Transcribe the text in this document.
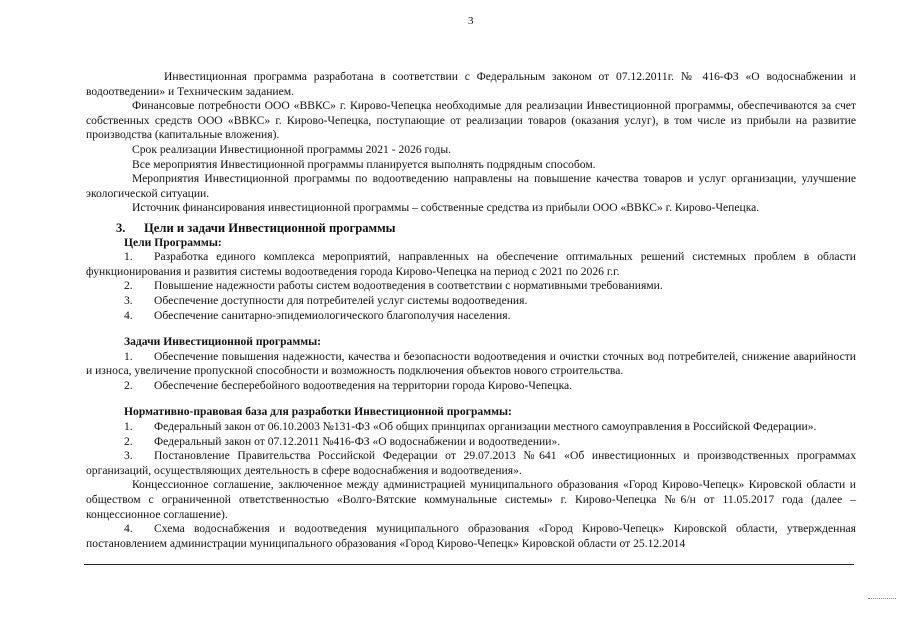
3

Инвестиционная программа разработана в соответствии с Федеральным законом от 07.12.2011г. № 416-ФЗ «О водоснабжении и водоотведении» и Техническим заданием.

Финансовые потребности ООО «ВВКС» г. Кирово-Чепецка необходимые для реализации Инвестиционной программы, обеспечиваются за счет собственных средств ООО «ВВКС» г. Кирово-Чепецка, поступающие от реализации товаров (оказания услуг), в том числе из прибыли на развитие производства (капитальные вложения).

Срок реализации Инвестиционной программы 2021 - 2026 годы.

Все мероприятия Инвестиционной программы планируется выполнять подрядным способом.

Мероприятия Инвестиционной программы по водоотведению направлены на повышение качества товаров и услуг организации, улучшение экологической ситуации.

Источник финансирования инвестиционной программы – собственные средства из прибыли ООО «ВВКС» г. Кирово-Чепецка.

3. Цели и задачи Инвестиционной программы

Цели Программы:

1. Разработка единого комплекса мероприятий, направленных на обеспечение оптимальных решений системных проблем в области функционирования и развития системы водоотведения города Кирово-Чепецка на период с 2021 по 2026 г.г.

2.	Повышение надежности работы систем водоотведения в соответствии с нормативными требованиями.

3.	Обеспечение доступности для потребителей услуг системы водоотведения.

4.	Обеспечение санитарно-эпидемиологического благополучия населения.

Задачи Инвестиционной программы:

1. Обеспечение повышения надежности, качества и безопасности водоотведения и очистки сточных вод потребителей, снижение аварийности и износа, увеличение пропускной способности и возможность подключения объектов нового строительства.

2.	Обеспечение бесперебойного водоотведения на территории города Кирово-Чепецка.

Нормативно-правовая база для разработки Инвестиционной программы:

1. Федеральный закон от 06.10.2003 №131-ФЗ «Об общих принципах организации местного самоуправления в Российской Федерации».

2.	Федеральный закон от 07.12.2011 №416-ФЗ «О водоснабжении и водоотведении».

3. Постановление Правительства Российской Федерации от 29.07.2013 №641 «Об инвестиционных и производственных программах организаций, осуществляющих деятельность в сфере водоснабжения и водоотведения».

Концессионное соглашение, заключенное между администрацией муниципального образования «Город Кирово-Чепецк» Кировской области и обществом с ограниченной ответственностью «Волго-Вятские коммунальные системы» г. Кирово-Чепецка №6/н от 11.05.2017 года (далее – концессионное соглашение).

4. Схема водоснабжения и водоотведения муниципального образования «Город Кирово-Чепецк» Кировской области, утвержденная постановлением администрации муниципального образования «Город Кирово-Чепецк» Кировской области от 25.12.2014
